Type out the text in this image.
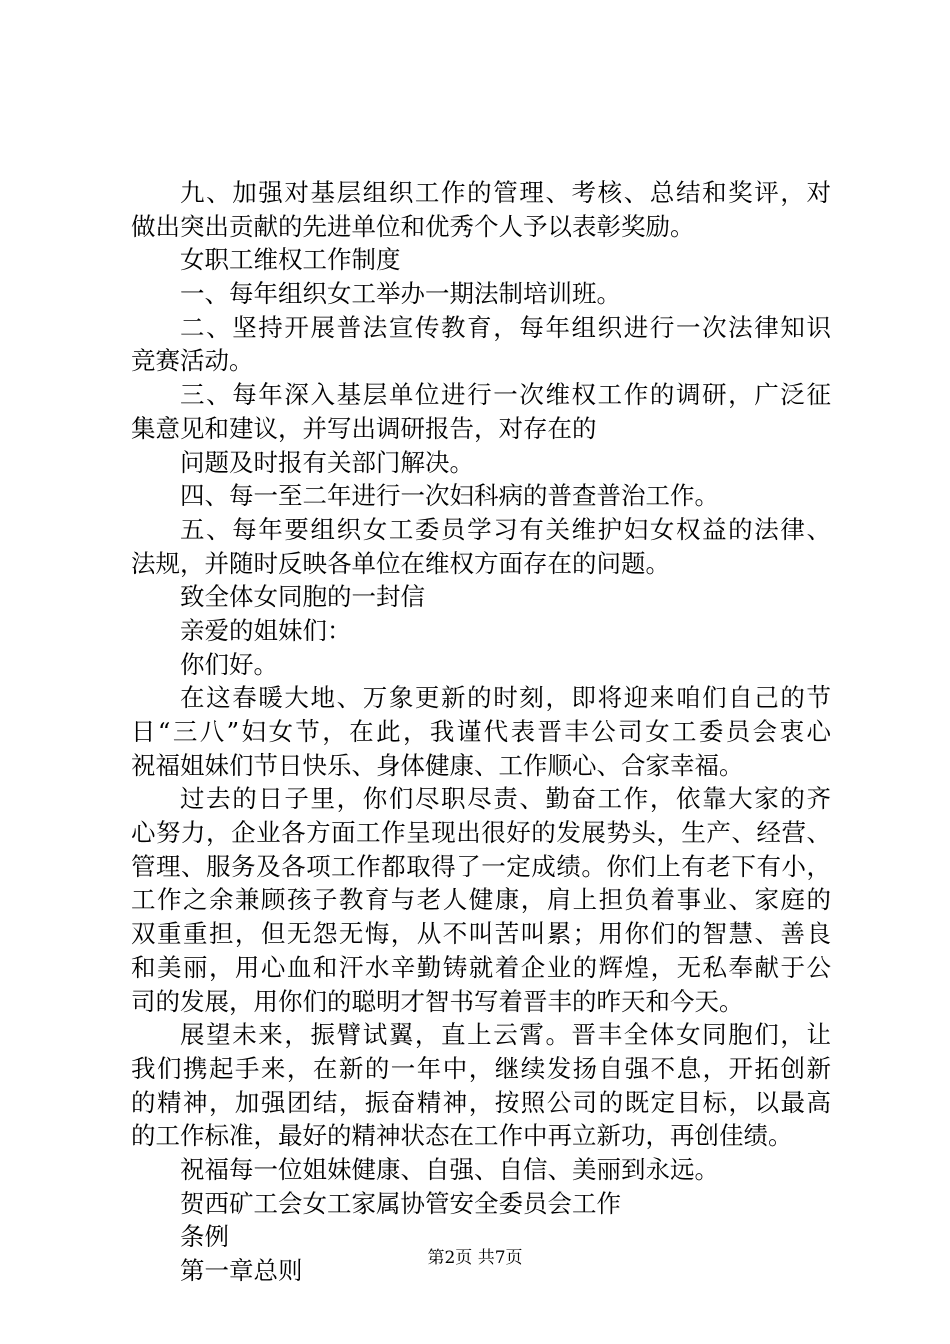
九、加强对基层组织工作的管理、考核、总结和奖评，对
做出突出贡献的先进单位和优秀个人予以表彰奖励。
女职工维权工作制度
一、每年组织女工举办一期法制培训班。
二、坚持开展普法宣传教育，每年组织进行一次法律知识
竞赛活动。
三、每年深入基层单位进行一次维权工作的调研，广泛征
集意见和建议，并写出调研报告，对存在的
问题及时报有关部门解决。
四、每一至二年进行一次妇科病的普查普治工作。
五、每年要组织女工委员学习有关维护妇女权益的法律、
法规，并随时反映各单位在维权方面存在的问题。
致全体女同胞的一封信
亲爱的姐妹们：
你们好。
在这春暖大地、万象更新的时刻，即将迎来咱们自己的节
日“三八”妇女节，在此，我谨代表晋丰公司女工委员会衷心
祝福姐妹们节日快乐、身体健康、工作顺心、合家幸福。
过去的日子里，你们尽职尽责、勤奋工作，依靠大家的齐
心努力，企业各方面工作呈现出很好的发展势头，生产、经营、
管理、服务及各项工作都取得了一定成绩。你们上有老下有小，
工作之余兼顾孩子教育与老人健康，肩上担负着事业、家庭的
双重重担，但无怨无悔，从不叫苦叫累；用你们的智慧、善良
和美丽，用心血和汗水辛勤铸就着企业的辉煌，无私奉献于公
司的发展，用你们的聪明才智书写着晋丰的昨天和今天。
展望未来，振臂试翼，直上云霄。晋丰全体女同胞们，让
我们携起手来，在新的一年中，继续发扬自强不息，开拓创新
的精神，加强团结，振奋精神，按照公司的既定目标，以最高
的工作标准，最好的精神状态在工作中再立新功，再创佳绩。
祝福每一位姐妹健康、自强、自信、美丽到永远。
贺西矿工会女工家属协管安全委员会工作
条例
第一章总则	第2页 共7页
